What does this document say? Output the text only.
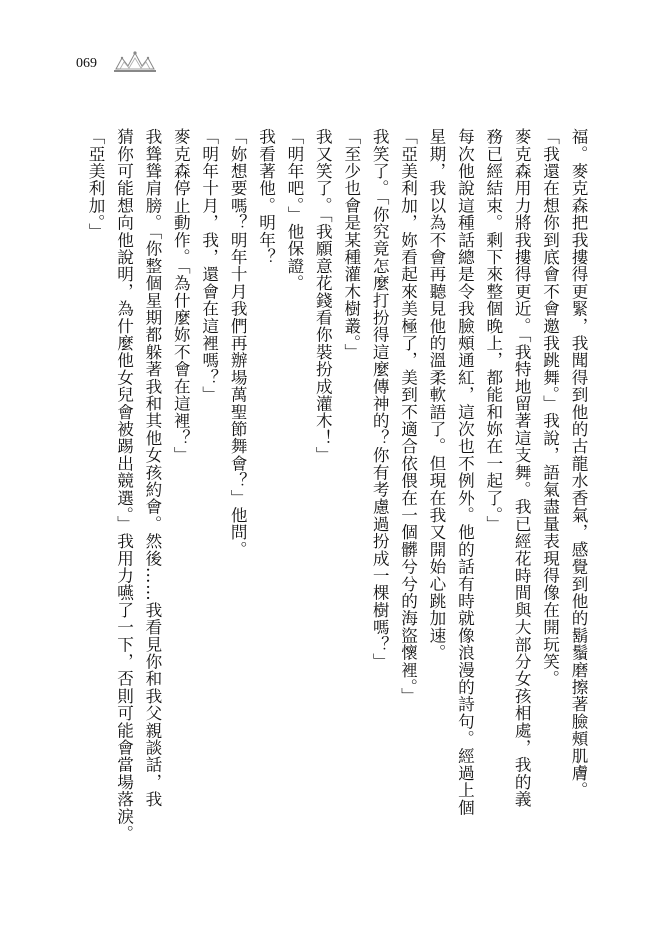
069
福。麥克森把我摟得更緊，我聞得到他的古龍水香氣，感覺到他的鬍鬚磨擦著臉頰肌膚。
「我還在想你到底會不會邀我跳舞。」我說，語氣盡量表現得像在開玩笑。
麥克森用力將我摟得更近。「我特地留著這支舞。我已經花時間與大部分女孩相處，我的義
務已經結束。剩下來整個晚上，都能和妳在一起了。」
每次他說這種話總是令我臉頰通紅，這次也不例外。他的話有時就像浪漫的詩句。經過上個
星期，我以為不會再聽見他的溫柔軟語了。但現在我又開始心跳加速。
「亞美利加，妳看起來美極了，美到不適合依偎在一個髒兮兮的海盜懷裡。」
我笑了。「你究竟怎麼打扮得這麼傳神的？你有考慮過扮成一棵樹嗎？」
「至少也會是某種灌木樹叢。」
我又笑了。「我願意花錢看你裝扮成灌木！」
「明年吧。」他保證。
我看著他。明年？
「妳想要嗎？明年十月我們再辦場萬聖節舞會？」他問。
「明年十月，我，還會在這裡嗎？」
麥克森停止動作。「為什麼妳不會在這裡？」
我聳聳肩膀。「你整個星期都躲著我和其他女孩約會。然後……我看見你和我父親談話，我
猜你可能想向他說明，為什麼他女兒會被踢出競選。」我用力嚥了一下，否則可能會當場落淚。
「亞美利加。」
